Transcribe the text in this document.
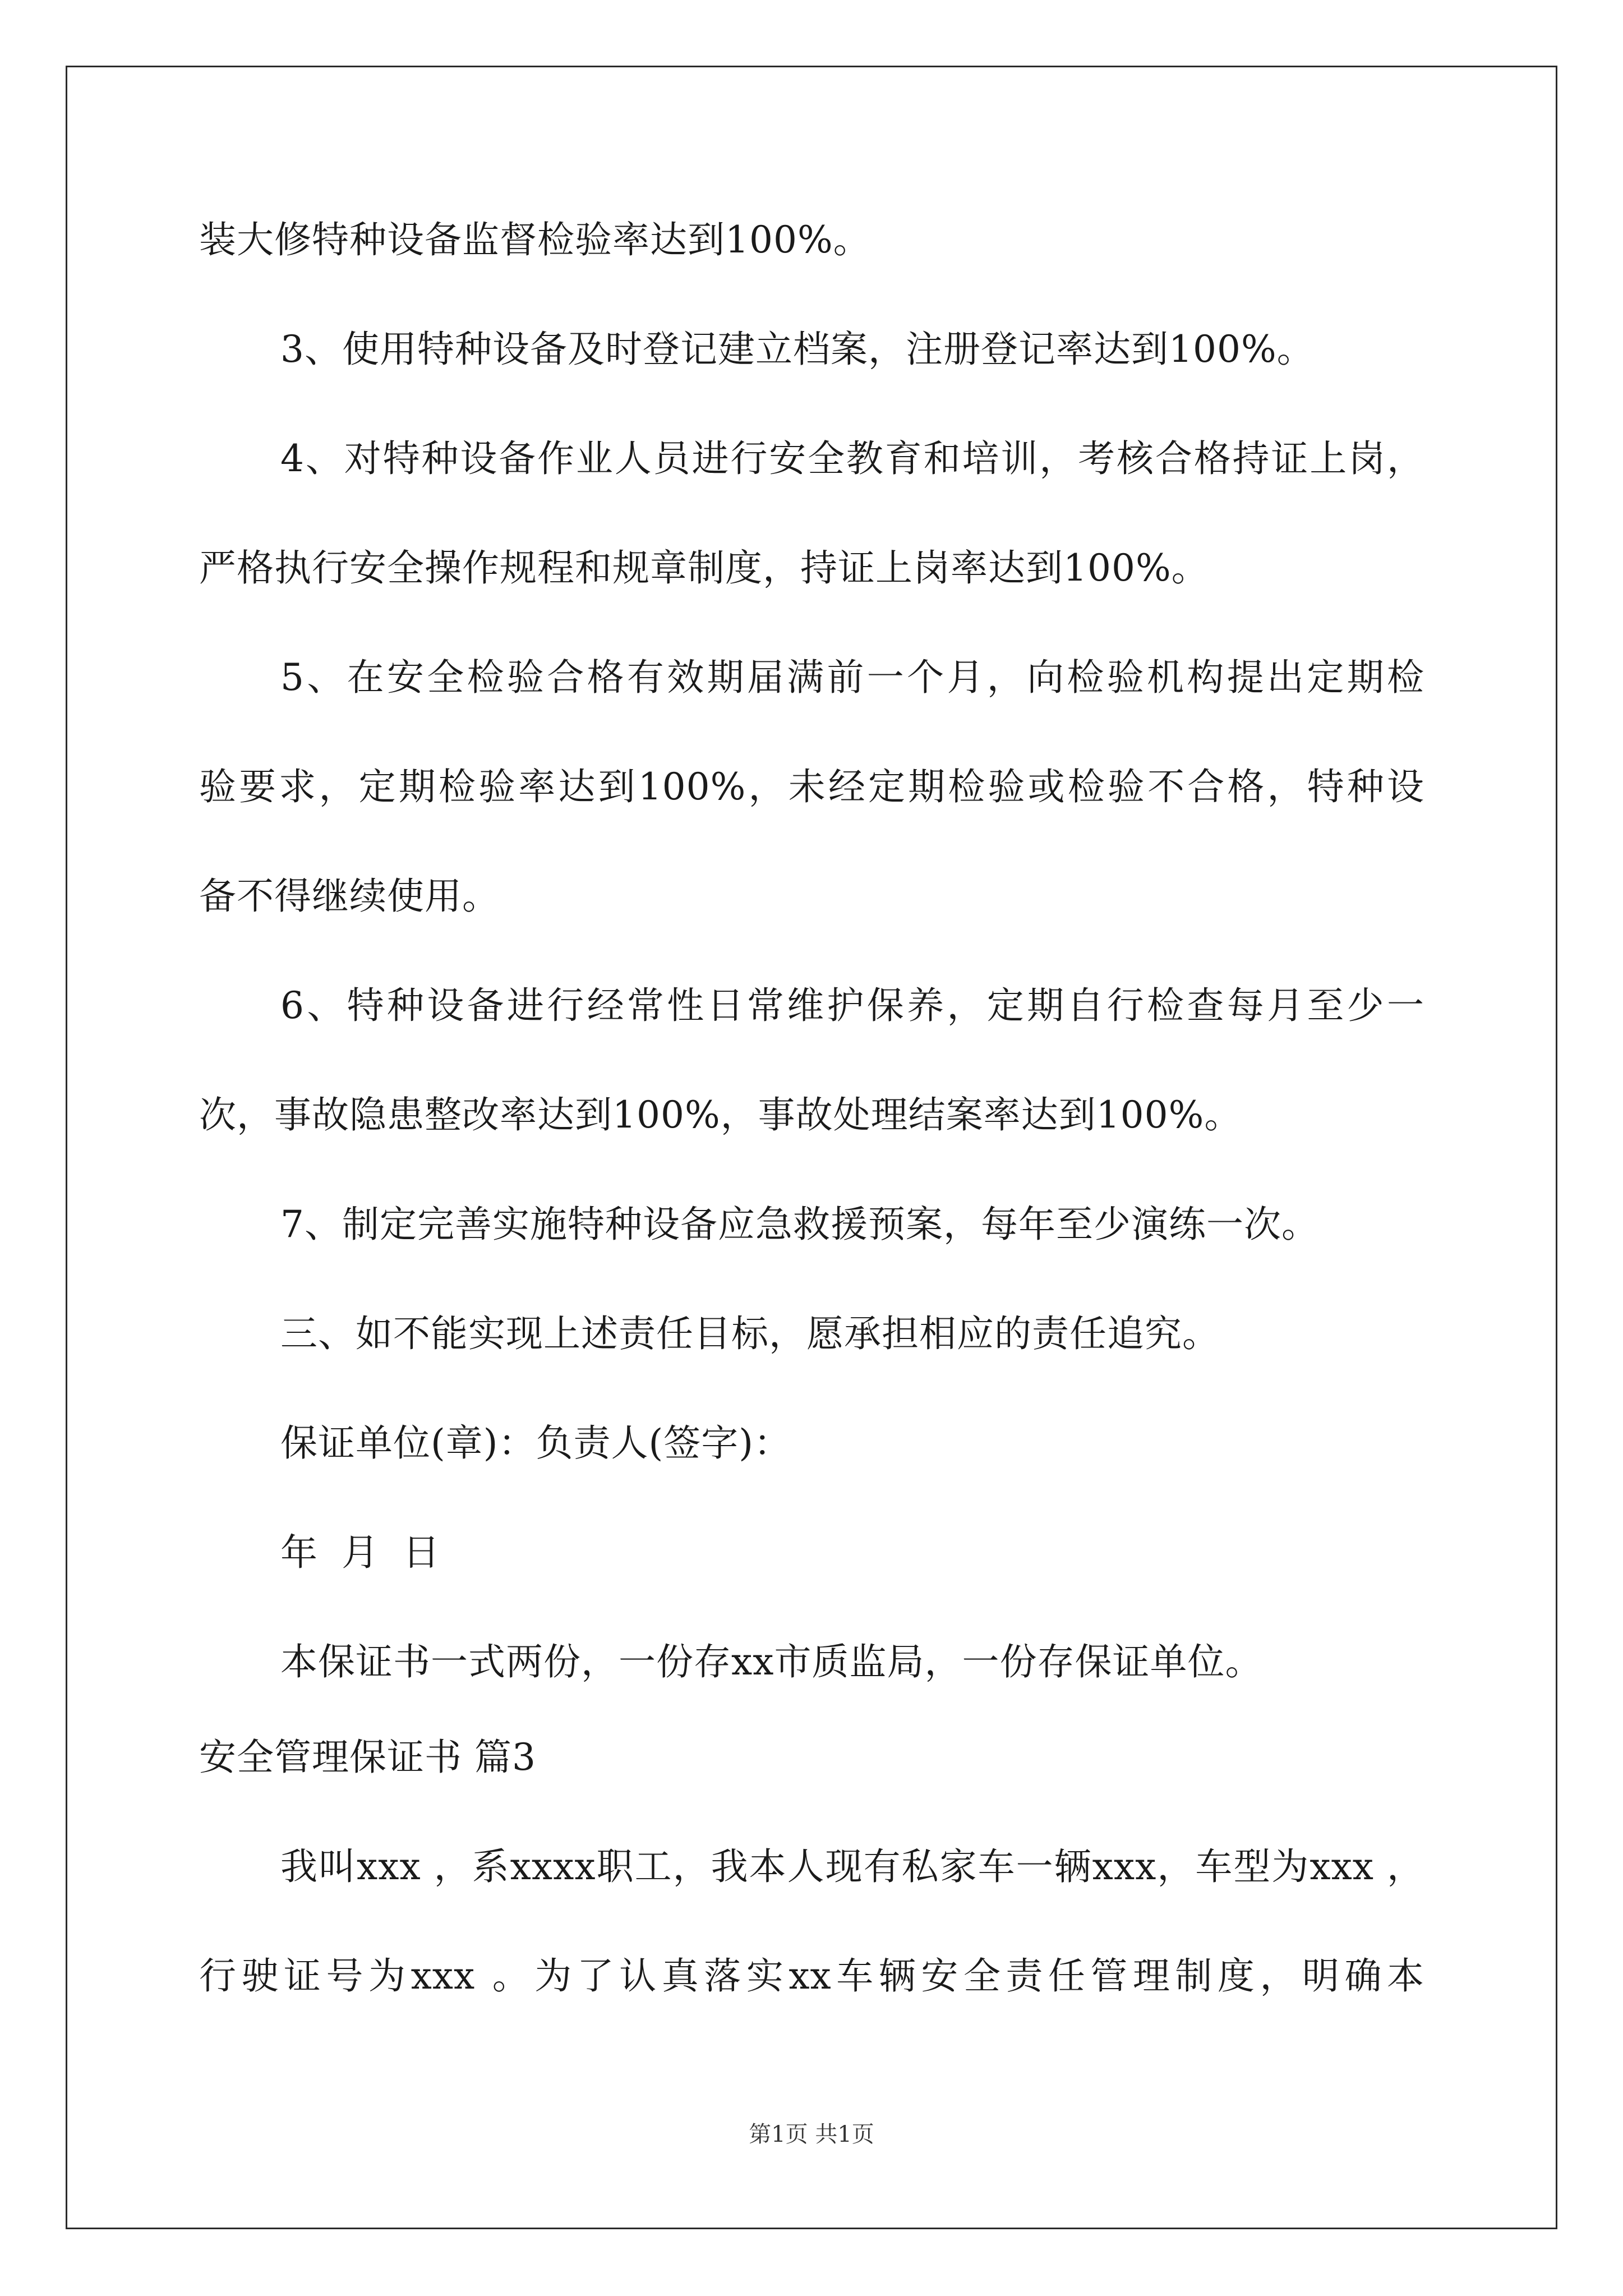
装大修特种设备监督检验率达到100%。
3、使用特种设备及时登记建立档案，注册登记率达到100%。
4、对特种设备作业人员进行安全教育和培训，考核合格持证上岗，
严格执行安全操作规程和规章制度，持证上岗率达到100%。
5、在安全检验合格有效期届满前一个月，向检验机构提出定期检
验要求，定期检验率达到100%，未经定期检验或检验不合格，特种设
备不得继续使用。
6、特种设备进行经常性日常维护保养，定期自行检查每月至少一
次，事故隐患整改率达到100%，事故处理结案率达到100%。
7、制定完善实施特种设备应急救援预案，每年至少演练一次。
三、如不能实现上述责任目标，愿承担相应的责任追究。
保证单位(章)：负责人(签字)：
年 月 日
本保证书一式两份，一份存xx市质监局，一份存保证单位。
安全管理保证书 篇3
我叫xxx ，系xxxx职工，我本人现有私家车一辆xxx，车型为xxx ，
行驶证号为xxx 。为了认真落实xx车辆安全责任管理制度，明确本
第1页 共1页
